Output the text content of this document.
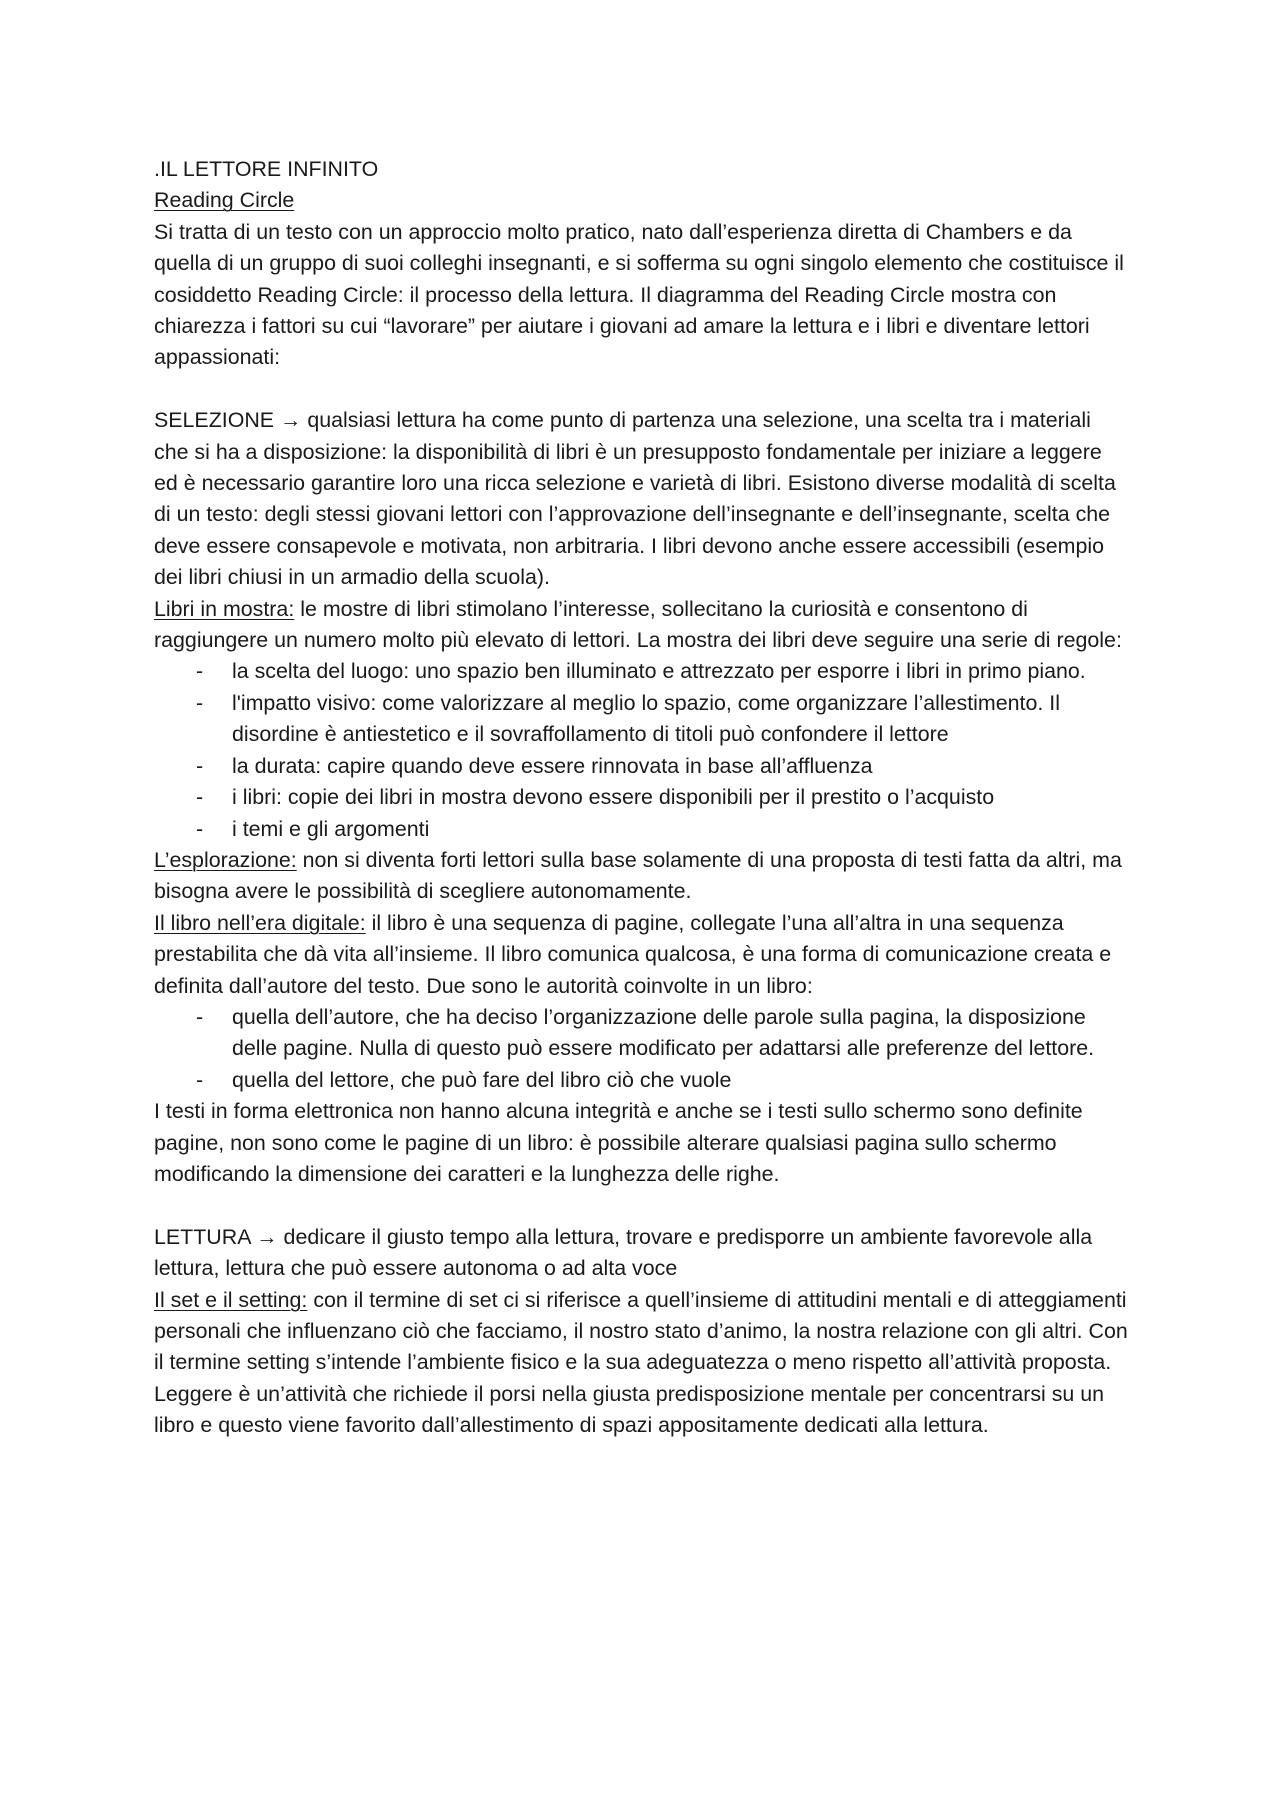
.IL LETTORE INFINITO

Reading Circle

Si tratta di un testo con un approccio molto pratico, nato dall’esperienza diretta di Chambers e da quella di un gruppo di suoi colleghi insegnanti, e si sofferma su ogni singolo elemento che costituisce il cosiddetto Reading Circle: il processo della lettura. Il diagramma del Reading Circle mostra con chiarezza i fattori su cui “lavorare” per aiutare i giovani ad amare la lettura e i libri e diventare lettori appassionati:

SELEZIONE → qualsiasi lettura ha come punto di partenza una selezione, una scelta tra i materiali che si ha a disposizione: la disponibilità di libri è un presupposto fondamentale per iniziare a leggere ed è necessario garantire loro una ricca selezione e varietà di libri. Esistono diverse modalità di scelta di un testo: degli stessi giovani lettori con l’approvazione dell’insegnante e dell’insegnante, scelta che deve essere consapevole e motivata, non arbitraria. I libri devono anche essere accessibili (esempio dei libri chiusi in un armadio della scuola).

Libri in mostra: le mostre di libri stimolano l’interesse, sollecitano la curiosità e consentono di raggiungere un numero molto più elevato di lettori. La mostra dei libri deve seguire una serie di regole:

- la scelta del luogo: uno spazio ben illuminato e attrezzato per esporre i libri in primo piano.
- l'impatto visivo: come valorizzare al meglio lo spazio, come organizzare l’allestimento. Il disordine è antiestetico e il sovraffollamento di titoli può confondere il lettore
- la durata: capire quando deve essere rinnovata in base all’affluenza
- i libri: copie dei libri in mostra devono essere disponibili per il prestito o l’acquisto
- i temi e gli argomenti

L’esplorazione: non si diventa forti lettori sulla base solamente di una proposta di testi fatta da altri, ma bisogna avere le possibilità di scegliere autonomamente.

Il libro nell’era digitale: il libro è una sequenza di pagine, collegate l’una all’altra in una sequenza prestabilita che dà vita all’insieme. Il libro comunica qualcosa, è una forma di comunicazione creata e definita dall’autore del testo. Due sono le autorità coinvolte in un libro:

- quella dell’autore, che ha deciso l’organizzazione delle parole sulla pagina, la disposizione delle pagine. Nulla di questo può essere modificato per adattarsi alle preferenze del lettore.
- quella del lettore, che può fare del libro ciò che vuole

I testi in forma elettronica non hanno alcuna integrità e anche se i testi sullo schermo sono definite pagine, non sono come le pagine di un libro: è possibile alterare qualsiasi pagina sullo schermo modificando la dimensione dei caratteri e la lunghezza delle righe.

LETTURA → dedicare il giusto tempo alla lettura, trovare e predisporre un ambiente favorevole alla lettura, lettura che può essere autonoma o ad alta voce

Il set e il setting: con il termine di set ci si riferisce a quell’insieme di attitudini mentali e di atteggiamenti personali che influenzano ciò che facciamo, il nostro stato d’animo, la nostra relazione con gli altri. Con il termine setting s’intende l’ambiente fisico e la sua adeguatezza o meno rispetto all’attività proposta. Leggere è un’attività che richiede il porsi nella giusta predisposizione mentale per concentrarsi su un libro e questo viene favorito dall’allestimento di spazi appositamente dedicati alla lettura.
